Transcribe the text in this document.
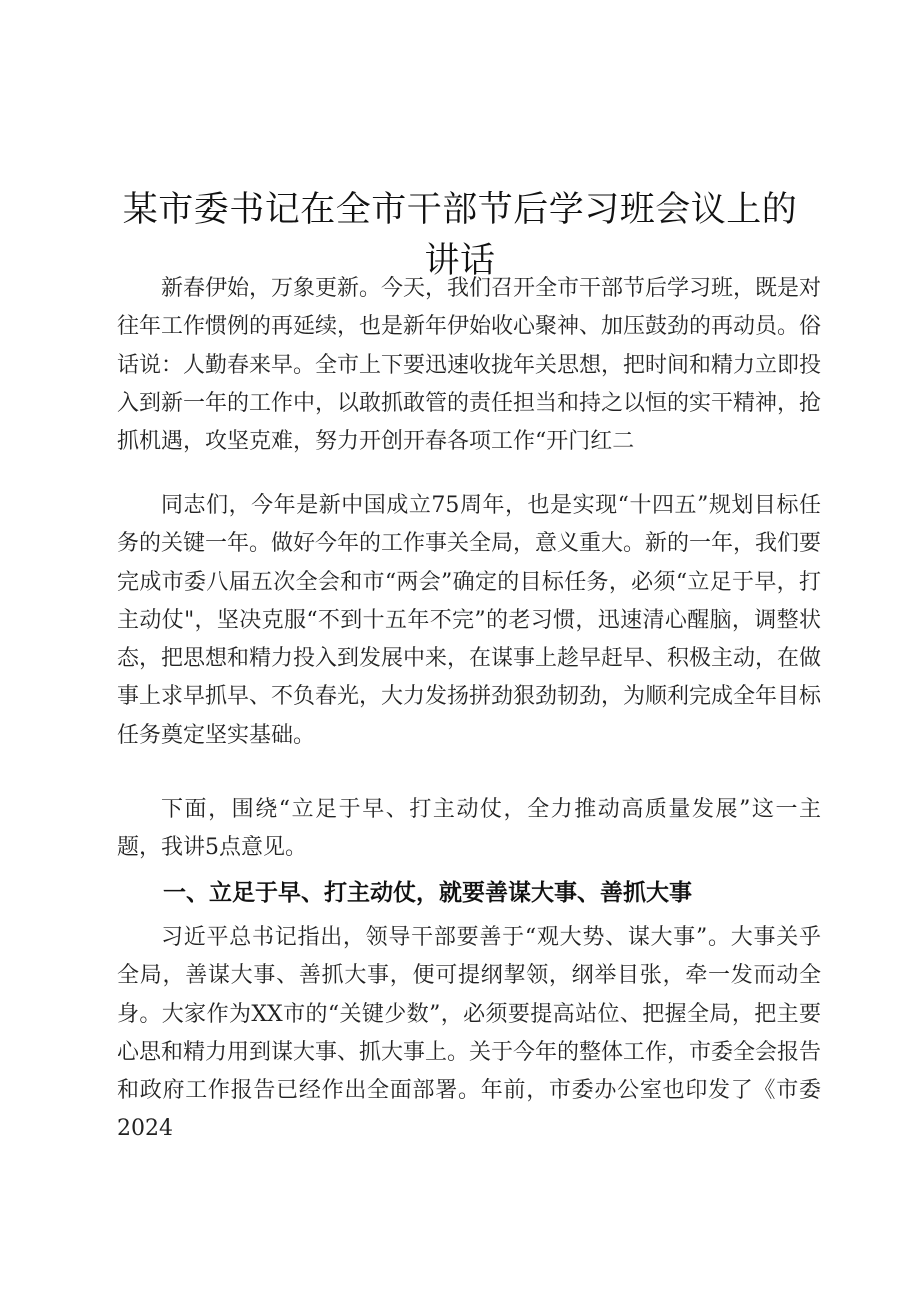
某市委书记在全市干部节后学习班会议上的讲话

新春伊始，万象更新。今天，我们召开全市干部节后学习班，既是对往年工作惯例的再延续，也是新年伊始收心聚神、加压鼓劲的再动员。俗话说：人勤春来早。全市上下要迅速收拢年关思想，把时间和精力立即投入到新一年的工作中，以敢抓敢管的责任担当和持之以恒的实干精神，抢抓机遇，攻坚克难，努力开创开春各项工作“开门红二

同志们，今年是新中国成立75周年，也是实现“十四五”规划目标任务的关键一年。做好今年的工作事关全局，意义重大。新的一年，我们要完成市委八届五次全会和市“两会”确定的目标任务，必须“立足于早，打主动仗"，坚决克服“不到十五年不完”的老习惯，迅速清心醒脑，调整状态，把思想和精力投入到发展中来，在谋事上趁早赶早、积极主动，在做事上求早抓早、不负春光，大力发扬拼劲狠劲韧劲，为顺利完成全年目标任务奠定坚实基础。

下面，围绕“立足于早、打主动仗，全力推动高质量发展”这一主题，我讲5点意见。

一、立足于早、打主动仗，就要善谋大事、善抓大事

习近平总书记指出，领导干部要善于“观大势、谋大事”。大事关乎全局，善谋大事、善抓大事，便可提纲挈领，纲举目张，牵一发而动全身。大家作为XX市的“关键少数”，必须要提高站位、把握全局，把主要心思和精力用到谋大事、抓大事上。关于今年的整体工作，市委全会报告和政府工作报告已经作出全面部署。年前，市委办公室也印发了《市委2024
